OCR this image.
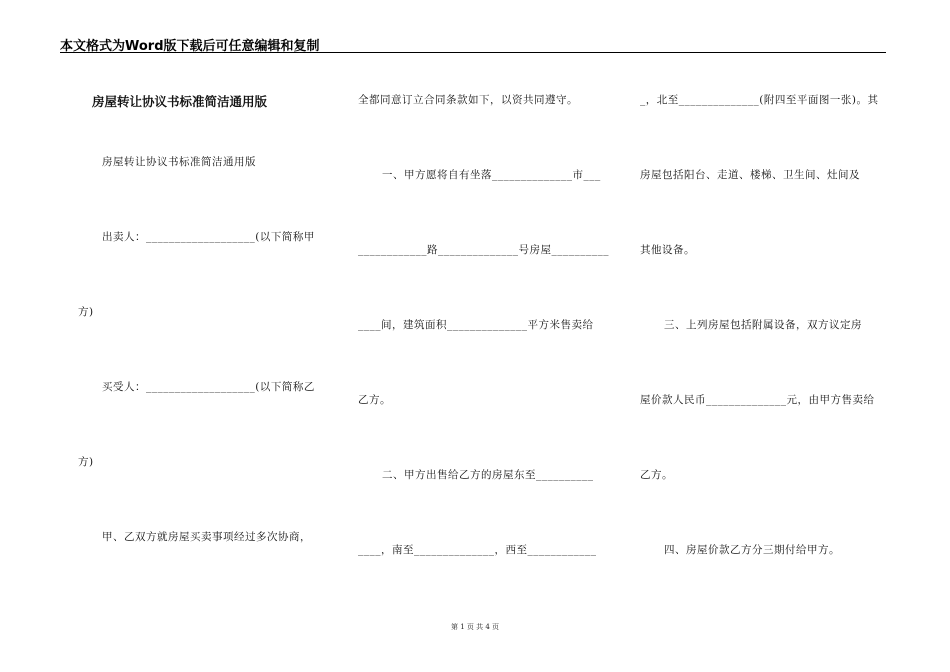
本文格式为Word版下载后可任意编辑和复制
房屋转让协议书标准简洁通用版
房屋转让协议书标准简洁通用版
出卖人：___________________(以下简称甲
方)
买受人：___________________(以下简称乙
方)
甲、乙双方就房屋买卖事项经过多次协商，
全都同意订立合同条款如下，以资共同遵守。
一、甲方愿将自有坐落______________市___
____________路______________号房屋__________
____间，建筑面积______________平方米售卖给
乙方。
二、甲方出售给乙方的房屋东至__________
____，南至______________，西至____________
_，北至______________(附四至平面图一张)。其
房屋包括阳台、走道、楼梯、卫生间、灶间及
其他设备。
三、上列房屋包括附属设备，双方议定房
屋价款人民币______________元，由甲方售卖给
乙方。
四、房屋价款乙方分三期付给甲方。
第 1 页 共 4 页
